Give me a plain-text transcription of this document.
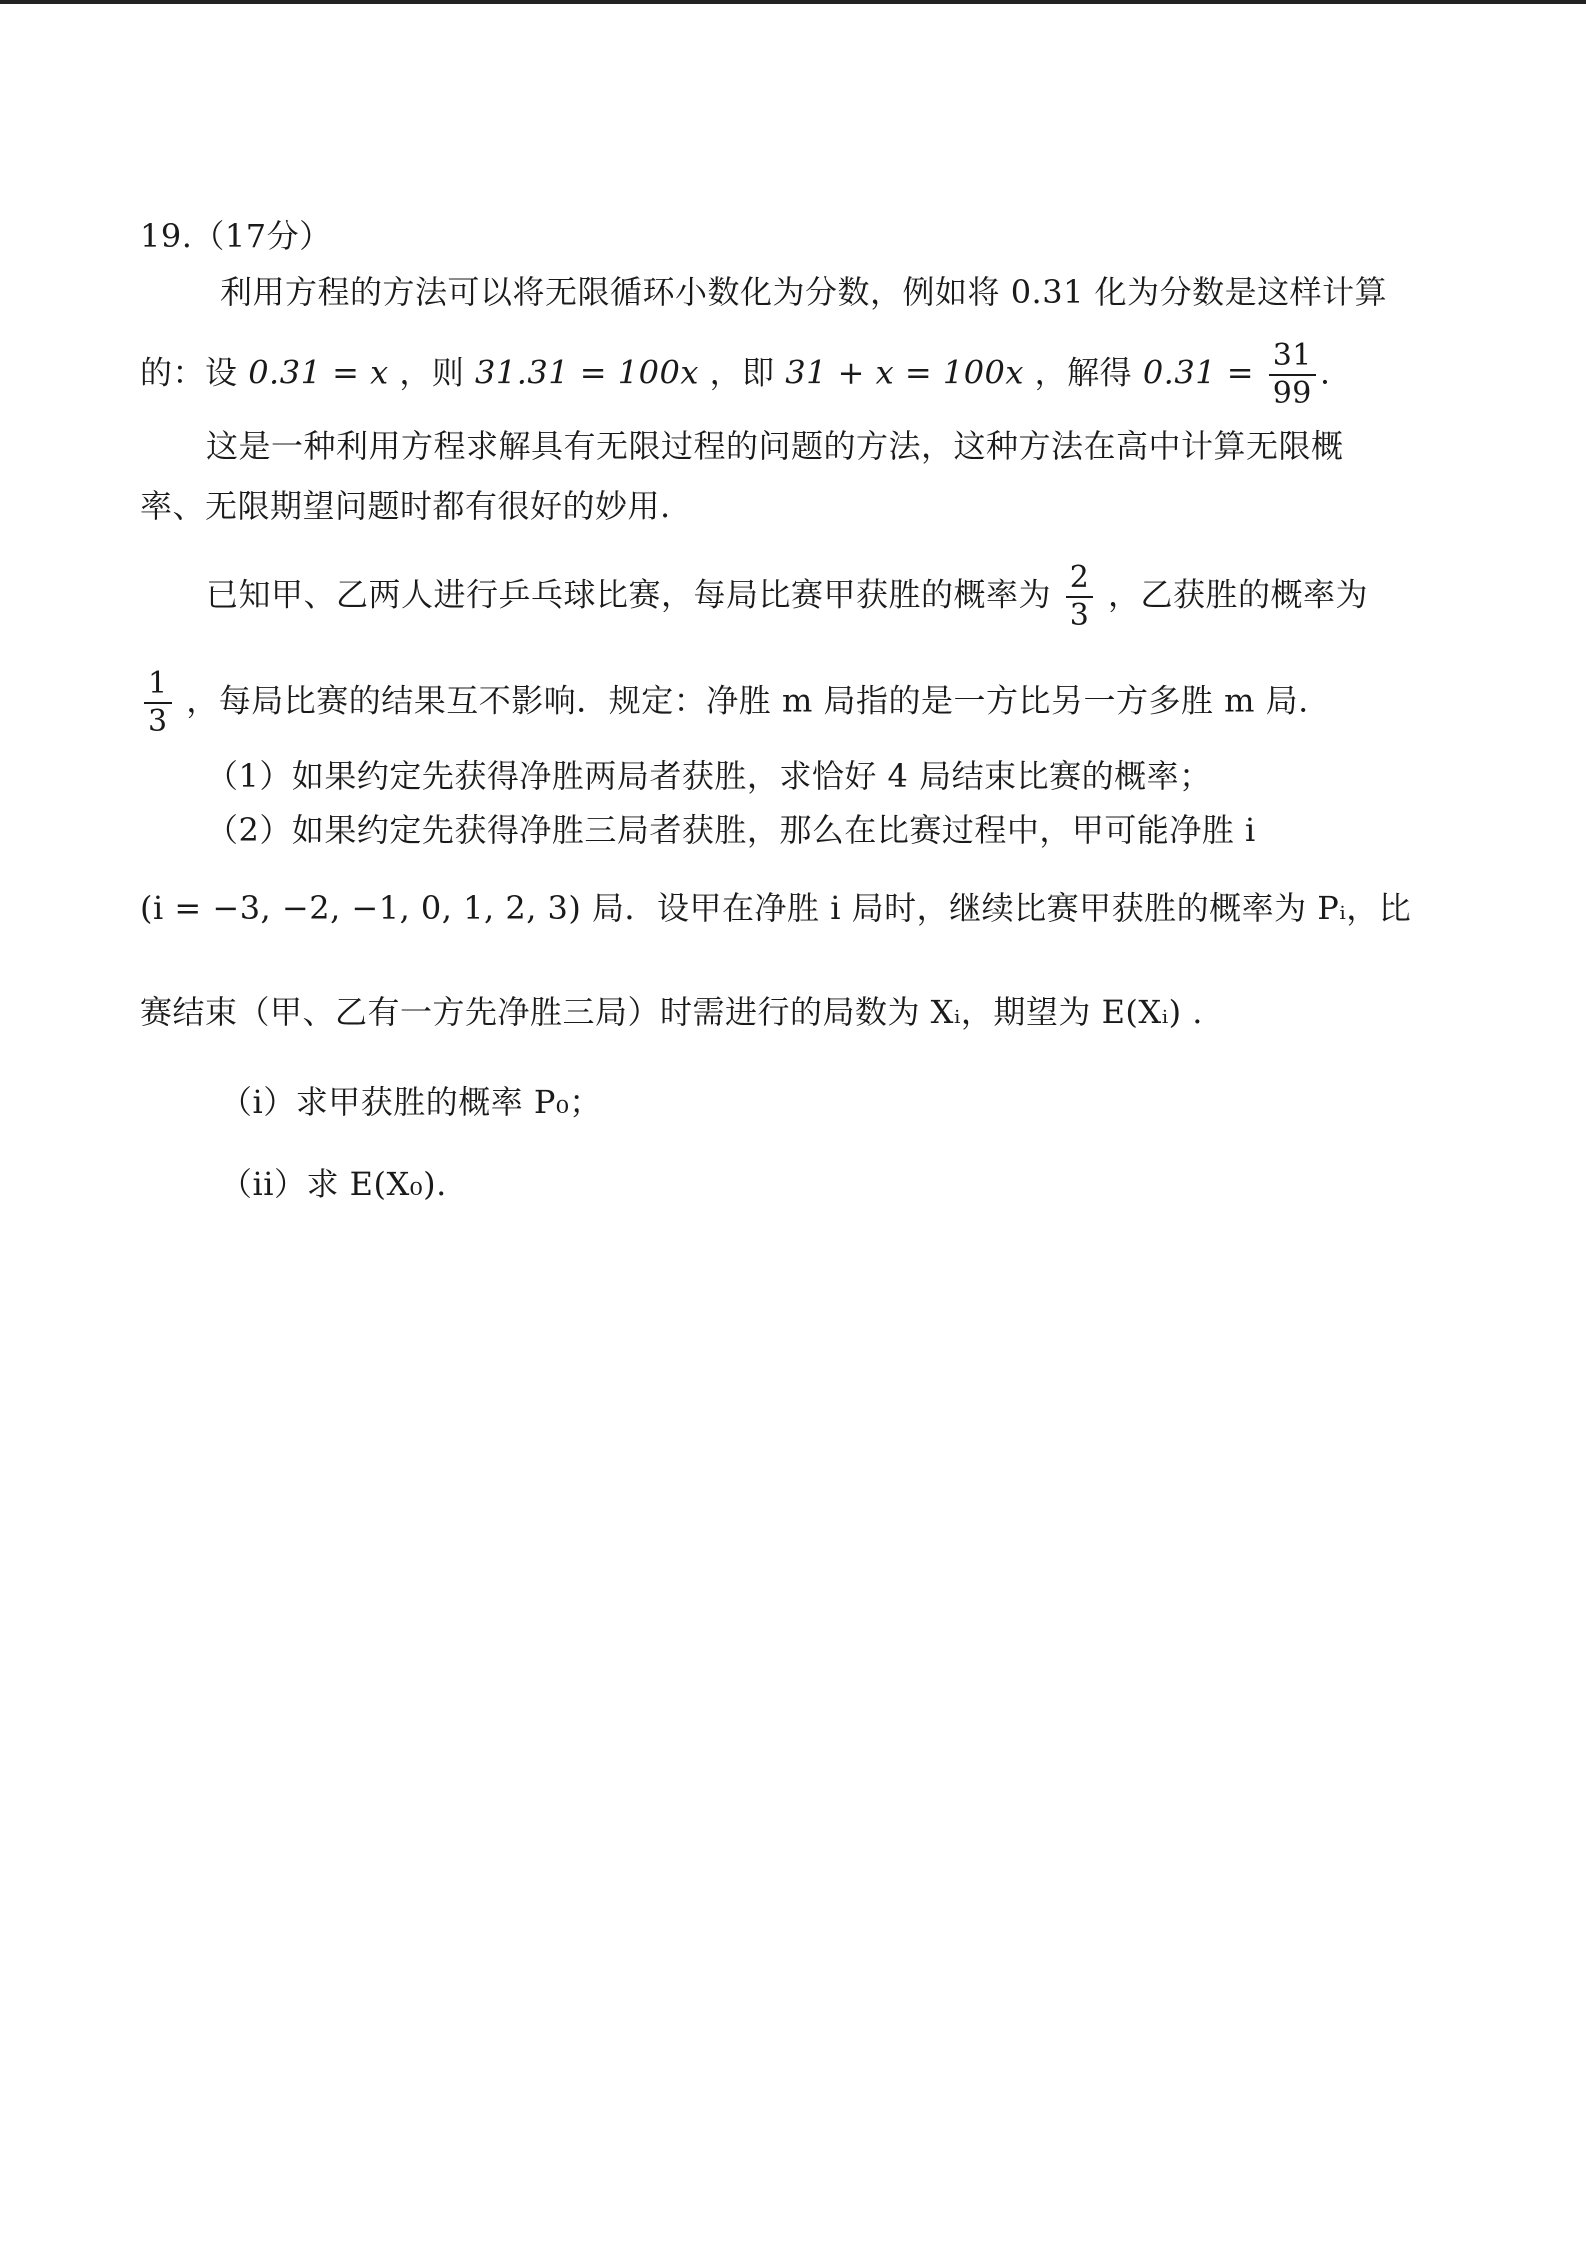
19.（17分）
利用方程的方法可以将无限循环小数化为分数，例如将 0.31 化为分数是这样计算
的：设 0.31 = x ，则 31.31 = 100x ，即 31 + x = 100x ，解得 $0.31 = \frac{31}{99}$ .
这是一种利用方程求解具有无限过程的问题的方法，这种方法在高中计算无限概
率、无限期望问题时都有很好的妙用.
已知甲、乙两人进行乒乓球比赛，每局比赛甲获胜的概率为 $\frac{2}{3}$ ，乙获胜的概率为
$\frac{1}{3}$ ，每局比赛的结果互不影响．规定：净胜 m 局指的是一方比另一方多胜 m 局.
（1）如果约定先获得净胜两局者获胜，求恰好 4 局结束比赛的概率；
（2）如果约定先获得净胜三局者获胜，那么在比赛过程中，甲可能净胜 i
(i = −3, −2, −1, 0, 1, 2, 3) 局．设甲在净胜 i 局时，继续比赛甲获胜的概率为 Pᵢ，比
赛结束（甲、乙有一方先净胜三局）时需进行的局数为 Xᵢ，期望为 E(Xᵢ) .
（i）求甲获胜的概率 P₀；
（ii）求 E(X₀).
